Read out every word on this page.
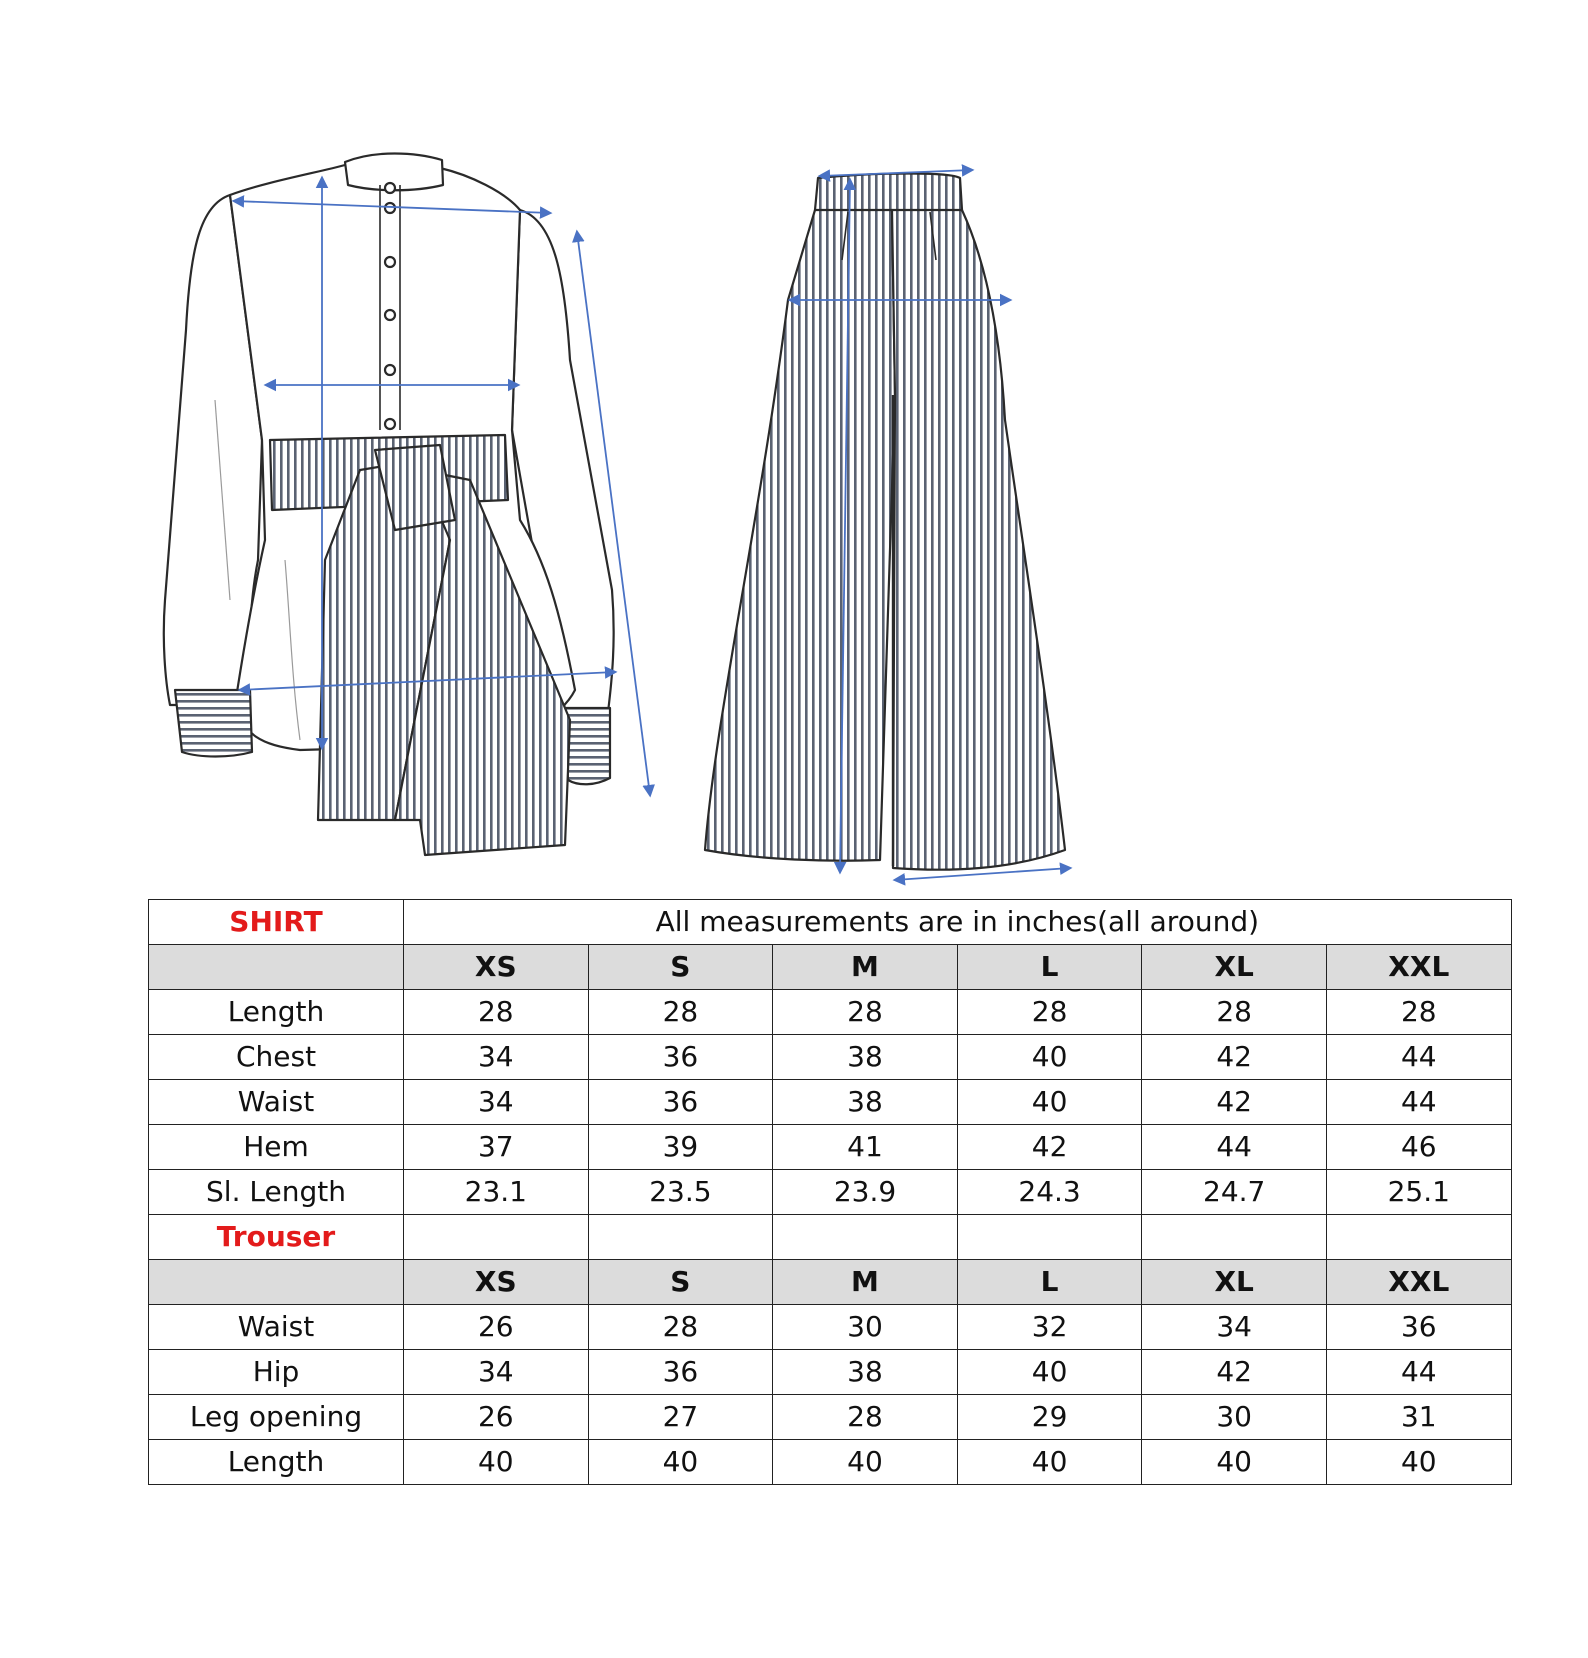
SHIRT	All measurements are in inches(all around)					
	XS	S	M	L	XL	XXL
Length	28	28	28	28	28	28
Chest	34	36	38	40	42	44
Waist	34	36	38	40	42	44
Hem	37	39	41	42	44	46
Sl. Length	23.1	23.5	23.9	24.3	24.7	25.1
Trouser						
	XS	S	M	L	XL	XXL
Waist	26	28	30	32	34	36
Hip	34	36	38	40	42	44
Leg opening	26	27	28	29	30	31
Length	40	40	40	40	40	40
